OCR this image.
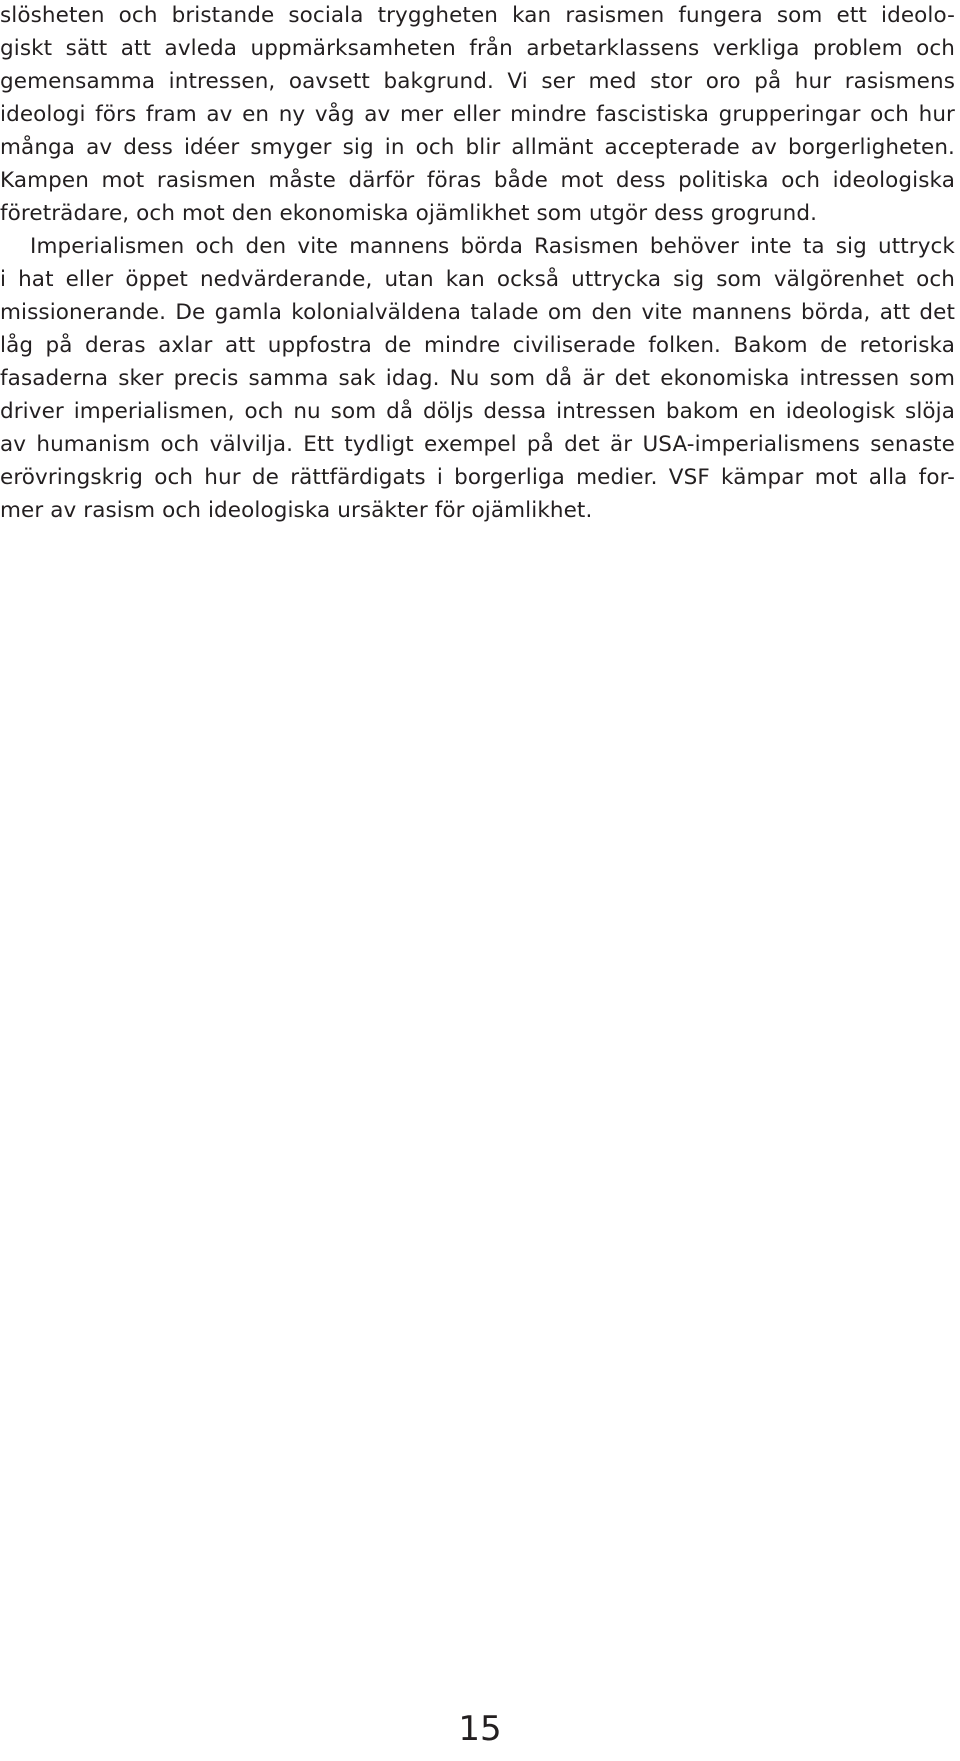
slösheten och bristande sociala tryggheten kan rasismen fungera som ett ideolo-
giskt sätt att avleda uppmärksamheten från arbetarklassens verkliga problem och
gemensamma intressen, oavsett bakgrund. Vi ser med stor oro på hur rasismens
ideologi förs fram av en ny våg av mer eller mindre fascistiska grupperingar och hur
många av dess idéer smyger sig in och blir allmänt accepterade av borgerligheten.
Kampen mot rasismen måste därför föras både mot dess politiska och ideologiska
företrädare, och mot den ekonomiska ojämlikhet som utgör dess grogrund.
Imperialismen och den vite mannens börda Rasismen behöver inte ta sig uttryck
i hat eller öppet nedvärderande, utan kan också uttrycka sig som välgörenhet och
missionerande. De gamla kolonialväldena talade om den vite mannens börda, att det
låg på deras axlar att uppfostra de mindre civiliserade folken. Bakom de retoriska
fasaderna sker precis samma sak idag. Nu som då är det ekonomiska intressen som
driver imperialismen, och nu som då döljs dessa intressen bakom en ideologisk slöja
av humanism och välvilja. Ett tydligt exempel på det är USA-imperialismens senaste
erövringskrig och hur de rättfärdigats i borgerliga medier. VSF kämpar mot alla for-
mer av rasism och ideologiska ursäkter för ojämlikhet.
15
